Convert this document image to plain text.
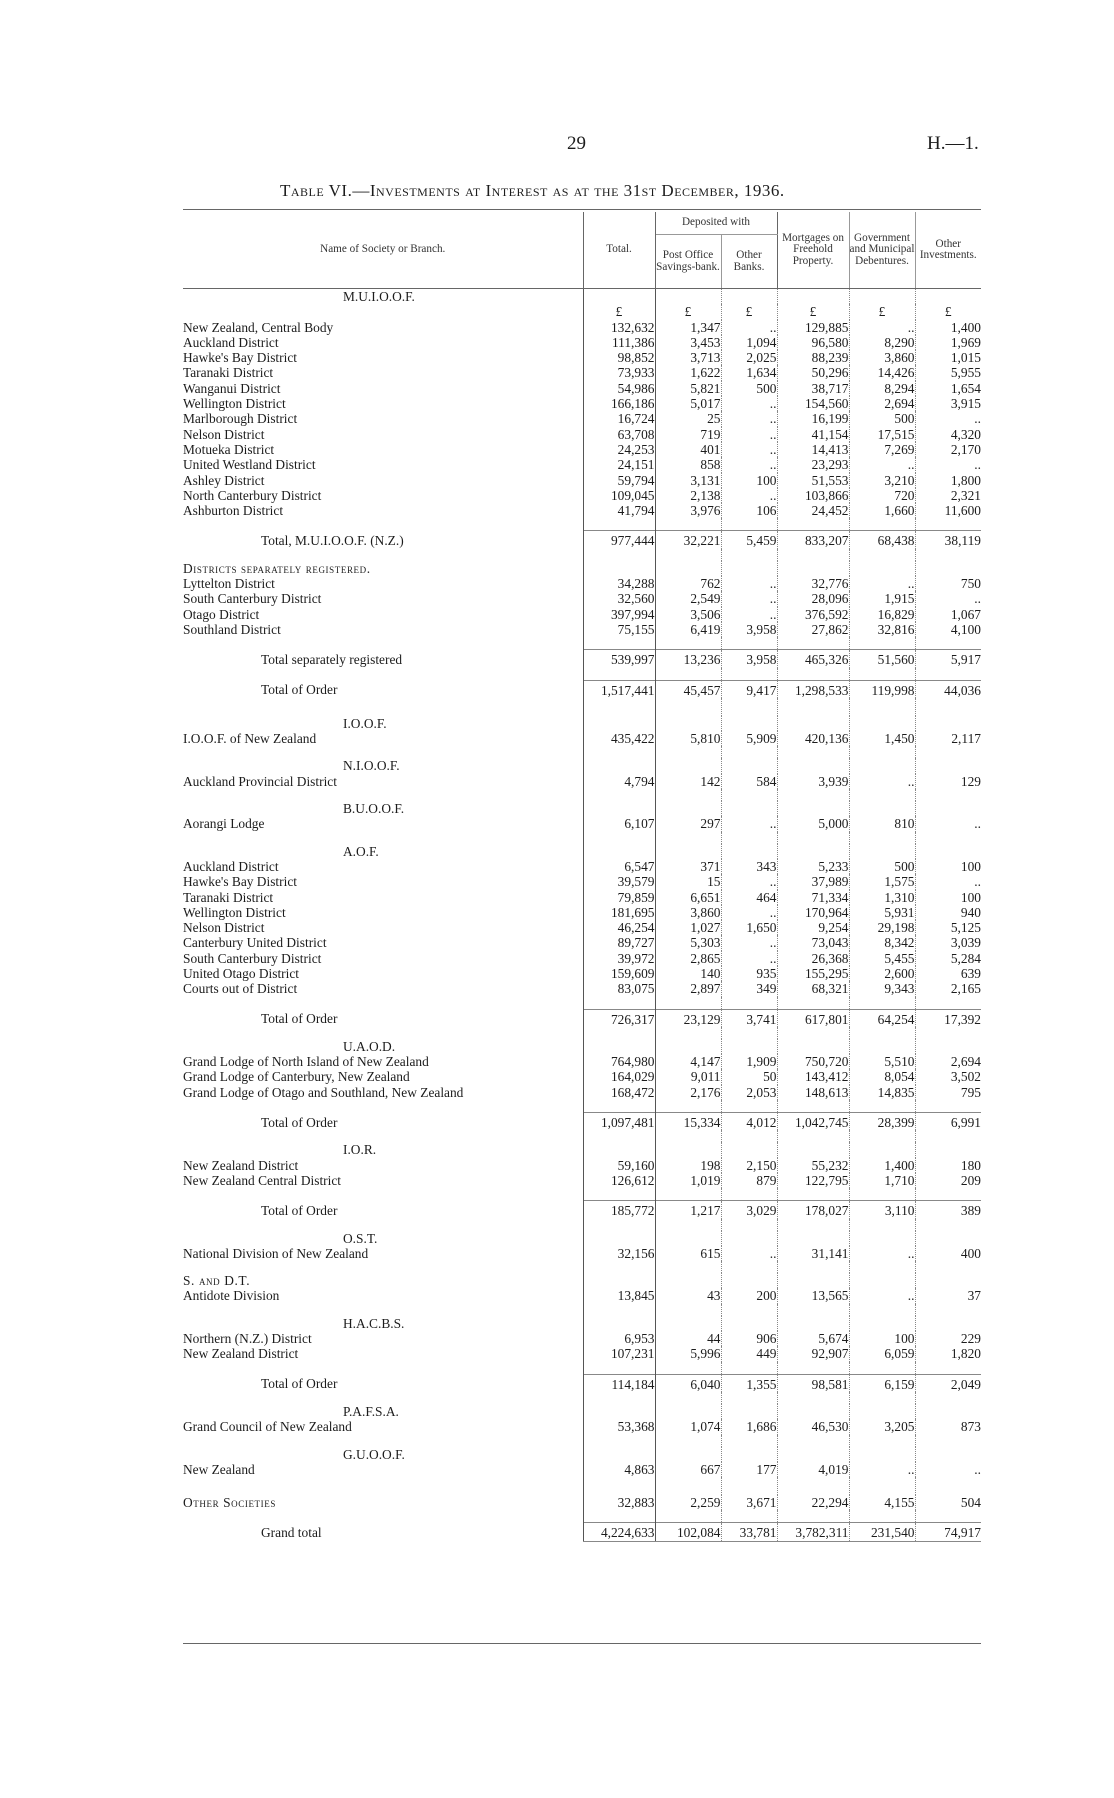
29	H.—1.
Table VI.—Investments at Interest as at the 31st December, 1936.
Name of Society or Branch.	Total.	Deposited with		Mortgages on Freehold Property.	Government and Municipal Debentures.	Other Investments.
		Post Office Savings-bank.	Other Banks.			
M.U.I.O.O.F.						
	£	£	£	£	£	£
New Zealand, Central Body	132,632	1,347	..	129,885	..	1,400
Auckland District	111,386	3,453	1,094	96,580	8,290	1,969
Hawke's Bay District	98,852	3,713	2,025	88,239	3,860	1,015
Taranaki District	73,933	1,622	1,634	50,296	14,426	5,955
Wanganui District	54,986	5,821	500	38,717	8,294	1,654
Wellington District	166,186	5,017	..	154,560	2,694	3,915
Marlborough District	16,724	25	..	16,199	500	..
Nelson District	63,708	719	..	41,154	17,515	4,320
Motueka District	24,253	401	..	14,413	7,269	2,170
United Westland District	24,151	858	..	23,293	..	..
Ashley District	59,794	3,131	100	51,553	3,210	1,800
North Canterbury District	109,045	2,138	..	103,866	720	2,321
Ashburton District	41,794	3,976	106	24,452	1,660	11,600

Total, M.U.I.O.O.F. (N.Z.)	977,444	32,221	5,459	833,207	68,438	38,119

Districts separately registered.						
Lyttelton District	34,288	762	..	32,776	..	750
South Canterbury District	32,560	2,549	..	28,096	1,915	..
Otago District	397,994	3,506	..	376,592	16,829	1,067
Southland District	75,155	6,419	3,958	27,862	32,816	4,100

Total separately registered	539,997	13,236	3,958	465,326	51,560	5,917

Total of Order	1,517,441	45,457	9,417	1,298,533	119,998	44,036

I.O.O.F.						
I.O.O.F. of New Zealand	435,422	5,810	5,909	420,136	1,450	2,117

N.I.O.O.F.						
Auckland Provincial District	4,794	142	584	3,939	..	129

B.U.O.O.F.						
Aorangi Lodge	6,107	297	..	5,000	810	..

A.O.F.						
Auckland District	6,547	371	343	5,233	500	100
Hawke's Bay District	39,579	15	..	37,989	1,575	..
Taranaki District	79,859	6,651	464	71,334	1,310	100
Wellington District	181,695	3,860	..	170,964	5,931	940
Nelson District	46,254	1,027	1,650	9,254	29,198	5,125
Canterbury United District	89,727	5,303	..	73,043	8,342	3,039
South Canterbury District	39,972	2,865	..	26,368	5,455	5,284
United Otago District	159,609	140	935	155,295	2,600	639
Courts out of District	83,075	2,897	349	68,321	9,343	2,165

Total of Order	726,317	23,129	3,741	617,801	64,254	17,392

U.A.O.D.						
Grand Lodge of North Island of New Zealand	764,980	4,147	1,909	750,720	5,510	2,694
Grand Lodge of Canterbury, New Zealand	164,029	9,011	50	143,412	8,054	3,502
Grand Lodge of Otago and Southland, New Zealand	168,472	2,176	2,053	148,613	14,835	795

Total of Order	1,097,481	15,334	4,012	1,042,745	28,399	6,991

I.O.R.						
New Zealand District	59,160	198	2,150	55,232	1,400	180
New Zealand Central District	126,612	1,019	879	122,795	1,710	209

Total of Order	185,772	1,217	3,029	178,027	3,110	389

O.S.T.						
National Division of New Zealand	32,156	615	..	31,141	..	400

S. and D.T.						
Antidote Division	13,845	43	200	13,565	..	37

H.A.C.B.S.						
Northern (N.Z.) District	6,953	44	906	5,674	100	229
New Zealand District	107,231	5,996	449	92,907	6,059	1,820

Total of Order	114,184	6,040	1,355	98,581	6,159	2,049

P.A.F.S.A.						
Grand Council of New Zealand	53,368	1,074	1,686	46,530	3,205	873

G.U.O.O.F.						
New Zealand	4,863	667	177	4,019	..	..

Other Societies	32,883	2,259	3,671	22,294	4,155	504

Grand total	4,224,633	102,084	33,781	3,782,311	231,540	74,917
